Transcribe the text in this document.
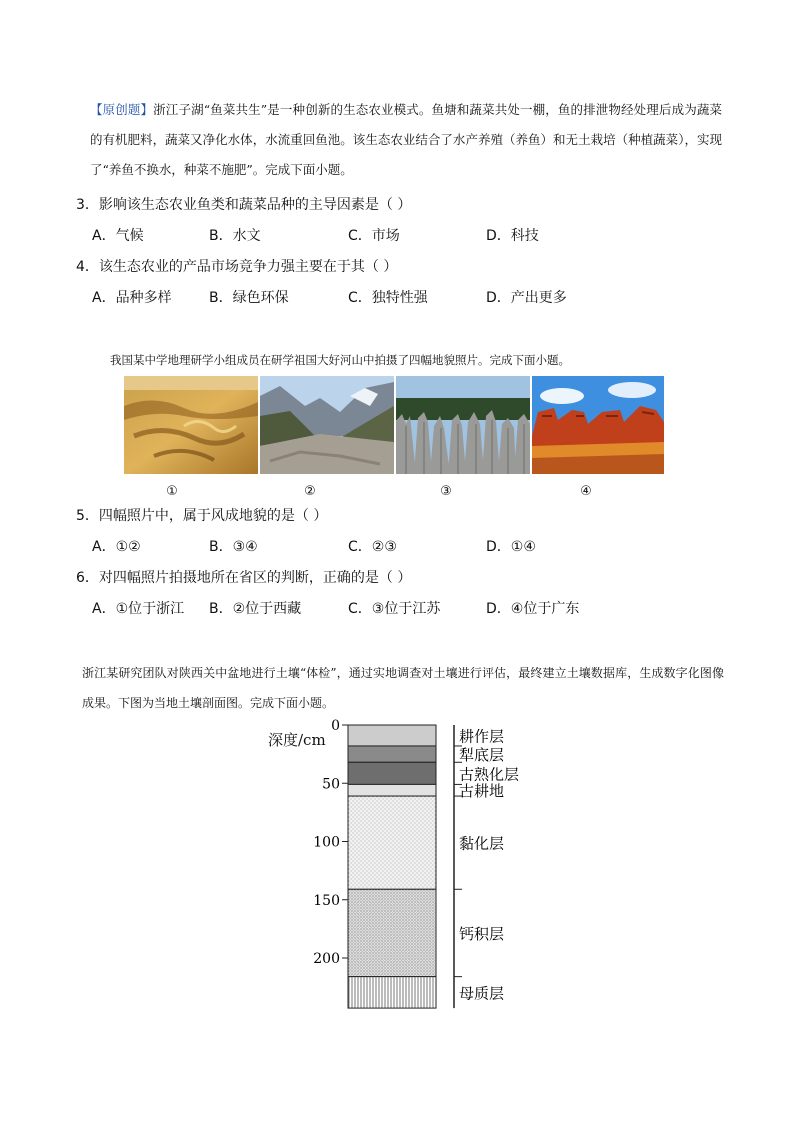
【原创题】浙江子湖“鱼菜共生”是一种创新的生态农业模式。鱼塘和蔬菜共处一棚，鱼的排泄物经处理后成为蔬菜的有机肥料，蔬菜又净化水体，水流重回鱼池。该生态农业结合了水产养殖（养鱼）和无土栽培（种植蔬菜），实现了“养鱼不换水，种菜不施肥”。完成下面小题。
3．影响该生态农业鱼类和蔬菜品种的主导因素是（ ）
A．气候	B．水文	C．市场	D．科技
4．该生态农业的产品市场竞争力强主要在于其（ ）
A．品种多样	B．绿色环保	C．独特性强	D．产出更多
我国某中学地理研学小组成员在研学祖国大好河山中拍摄了四幅地貌照片。完成下面小题。
①	②	③	④
5．四幅照片中，属于风成地貌的是（ ）
A．①②	B．③④	C．②③	D．①④
6．对四幅照片拍摄地所在省区的判断，正确的是（ ）
A．①位于浙江 B．②位于西藏	C．③位于江苏	D．④位于广东
浙江某研究团队对陕西关中盆地进行土壤“体检”，通过实地调查对土壤进行评估，最终建立土壤数据库，生成数字化图像成果。下图为当地土壤剖面图。完成下面小题。
深度/cm
0
50
100
150
200
耕作层
犁底层
古熟化层
古耕地
黏化层
钙积层
母质层
